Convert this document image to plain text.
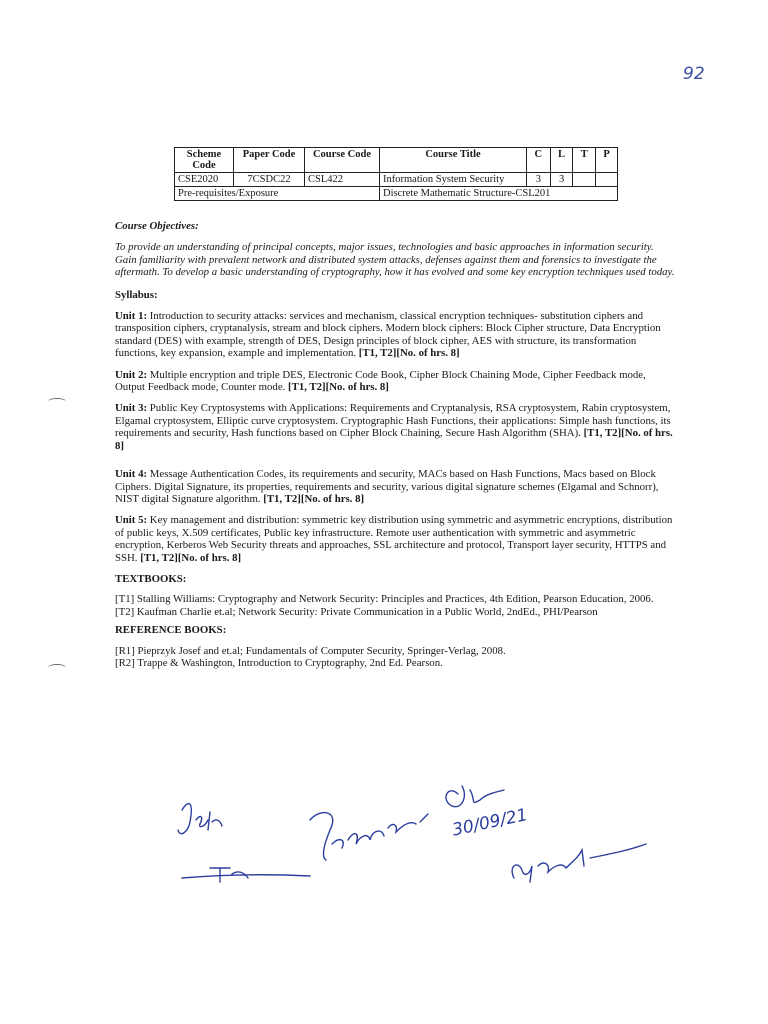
92
Scheme Code	Paper Code	Course Code	Course Title	C	L	T	P
CSE2020	7CSDC22	CSL422	Information System Security	3	3		
Pre-requisites/Exposure			Discrete Mathematic Structure-CSL201				

Course Objectives:

To provide an understanding of principal concepts, major issues, technologies and basic approaches in information security. Gain familiarity with prevalent network and distributed system attacks, defenses against them and forensics to investigate the aftermath. To develop a basic understanding of cryptography, how it has evolved and some key encryption techniques used today.

Syllabus:

Unit 1: Introduction to security attacks: services and mechanism, classical encryption techniques- substitution ciphers and transposition ciphers, cryptanalysis, stream and block ciphers. Modern block ciphers: Block Cipher structure, Data Encryption standard (DES) with example, strength of DES, Design principles of block cipher, AES with structure, its transformation functions, key expansion, example and implementation. [T1, T2][No. of hrs. 8]

Unit 2: Multiple encryption and triple DES, Electronic Code Book, Cipher Block Chaining Mode, Cipher Feedback mode, Output Feedback mode, Counter mode. [T1, T2][No. of hrs. 8]

Unit 3: Public Key Cryptosystems with Applications: Requirements and Cryptanalysis, RSA cryptosystem, Rabin cryptosystem, Elgamal cryptosystem, Elliptic curve cryptosystem. Cryptographic Hash Functions, their applications: Simple hash functions, its requirements and security, Hash functions based on Cipher Block Chaining, Secure Hash Algorithm (SHA). [T1, T2][No. of hrs. 8]

Unit 4: Message Authentication Codes, its requirements and security, MACs based on Hash Functions, Macs based on Block Ciphers. Digital Signature, its properties, requirements and security, various digital signature schemes (Elgamal and Schnorr), NIST digital Signature algorithm. [T1, T2][No. of hrs. 8]

Unit 5: Key management and distribution: symmetric key distribution using symmetric and asymmetric encryptions, distribution of public keys, X.509 certificates, Public key infrastructure. Remote user authentication with symmetric and asymmetric encryption, Kerberos Web Security threats and approaches, SSL architecture and protocol, Transport layer security, HTTPS and SSH. [T1, T2][No. of hrs. 8]

TEXTBOOKS:

[T1] Stalling Williams: Cryptography and Network Security: Principles and Practices, 4th Edition, Pearson Education, 2006.

[T2] Kaufman Charlie et.al; Network Security: Private Communication in a Public World, 2ndEd., PHI/Pearson

REFERENCE BOOKS:

[R1] Pieprzyk Josef and et.al; Fundamentals of Computer Security, Springer-Verlag, 2008.

[R2] Trappe & Washington, Introduction to Cryptography, 2nd Ed. Pearson.

30/09/21
